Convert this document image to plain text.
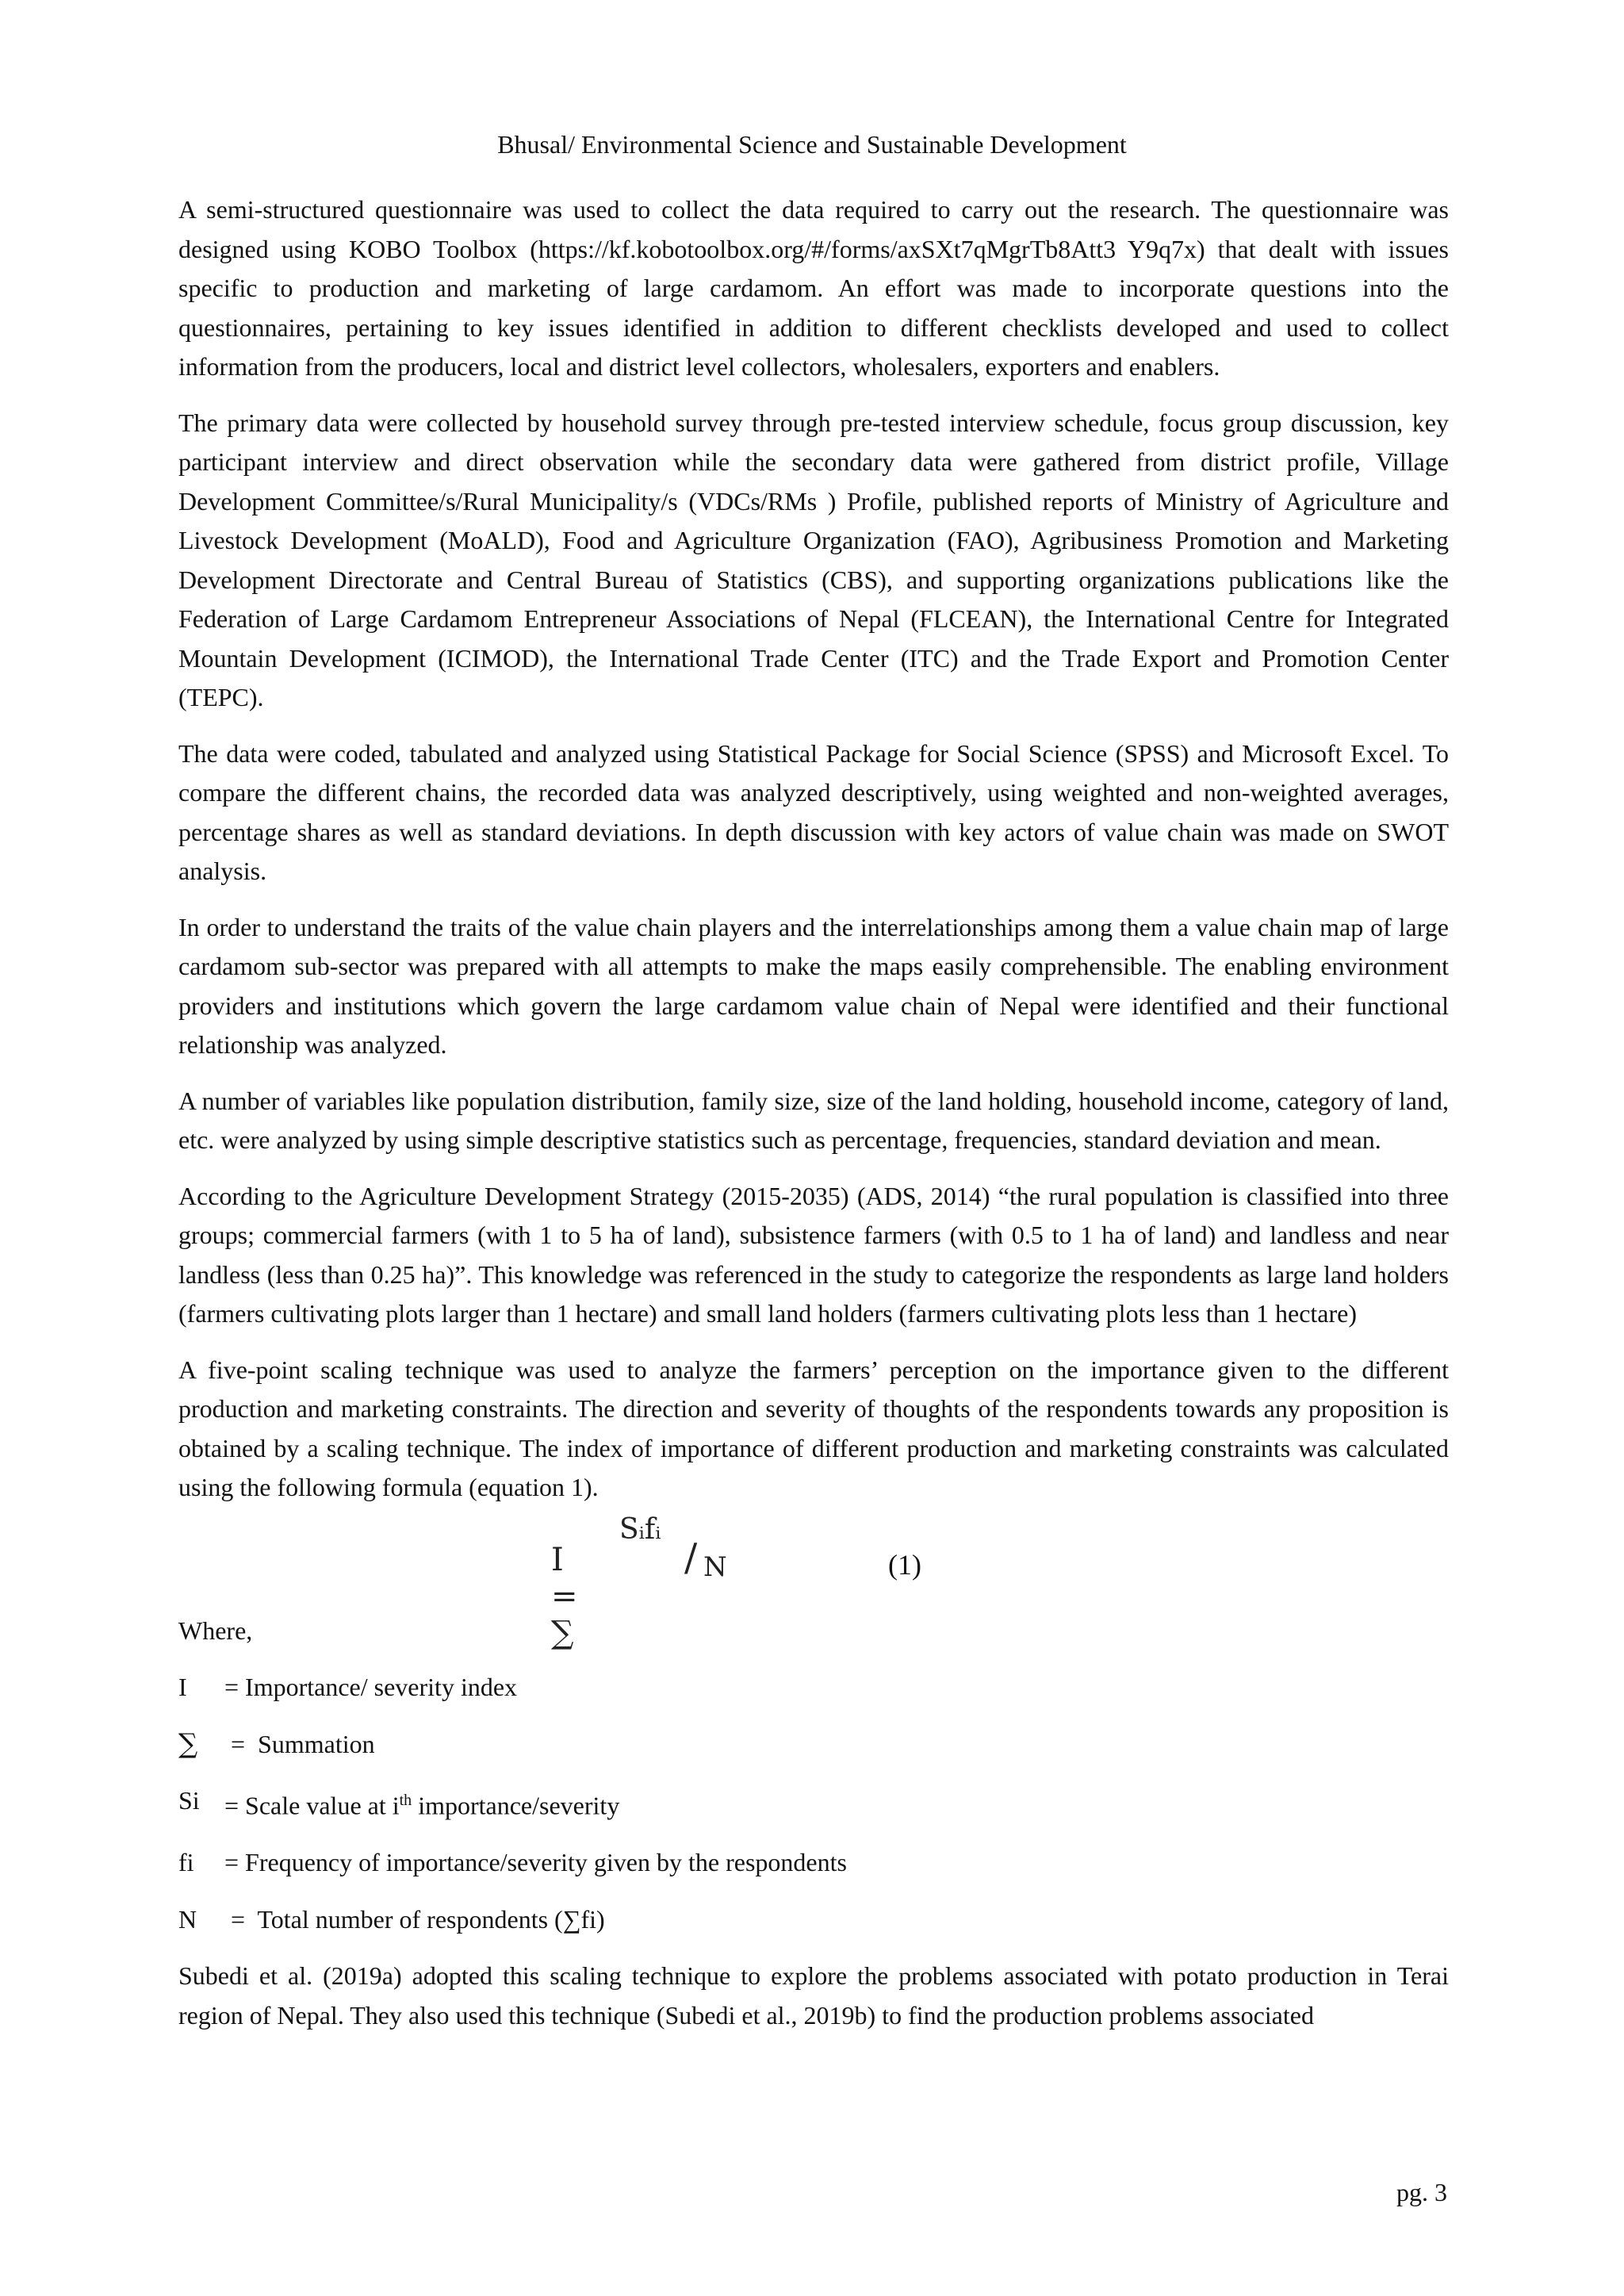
Bhusal/ Environmental Science and Sustainable Development

A semi-structured questionnaire was used to collect the data required to carry out the research. The questionnaire was designed using KOBO Toolbox (https://kf.kobotoolbox.org/#/forms/axSXt7qMgrTb8Att3 Y9q7x) that dealt with issues specific to production and marketing of large cardamom. An effort was made to incorporate questions into the questionnaires, pertaining to key issues identified in addition to different checklists developed and used to collect information from the producers, local and district level collectors, wholesalers, exporters and enablers.

The primary data were collected by household survey through pre-tested interview schedule, focus group discussion, key participant interview and direct observation while the secondary data were gathered from district profile, Village Development Committee/s/Rural Municipality/s (VDCs/RMs ) Profile, published reports of Ministry of Agriculture and Livestock Development (MoALD), Food and Agriculture Organization (FAO), Agribusiness Promotion and Marketing Development Directorate and Central Bureau of Statistics (CBS), and supporting organizations publications like the Federation of Large Cardamom Entrepreneur Associations of Nepal (FLCEAN), the International Centre for Integrated Mountain Development (ICIMOD), the International Trade Center (ITC) and the Trade Export and Promotion Center (TEPC).

The data were coded, tabulated and analyzed using Statistical Package for Social Science (SPSS) and Microsoft Excel. To compare the different chains, the recorded data was analyzed descriptively, using weighted and non-weighted averages, percentage shares as well as standard deviations. In depth discussion with key actors of value chain was made on SWOT analysis.

In order to understand the traits of the value chain players and the interrelationships among them a value chain map of large cardamom sub-sector was prepared with all attempts to make the maps easily comprehensible. The enabling environment providers and institutions which govern the large cardamom value chain of Nepal were identified and their functional relationship was analyzed.

A number of variables like population distribution, family size, size of the land holding, household income, category of land, etc. were analyzed by using simple descriptive statistics such as percentage, frequencies, standard deviation and mean.

According to the Agriculture Development Strategy (2015-2035) (ADS, 2014) “the rural population is classified into three groups; commercial farmers (with 1 to 5 ha of land), subsistence farmers (with 0.5 to 1 ha of land) and landless and near landless (less than 0.25 ha)”. This knowledge was referenced in the study to categorize the respondents as large land holders (farmers cultivating plots larger than 1 hectare) and small land holders (farmers cultivating plots less than 1 hectare)

A five-point scaling technique was used to analyze the farmers’ perception on the importance given to the different production and marketing constraints. The direction and severity of thoughts of the respondents towards any proposition is obtained by a scaling technique. The index of importance of different production and marketing constraints was calculated using the following formula (equation 1).

I = ∑
Sᵢfᵢ
/ N	(1)
Where,
I	= Importance/ severity index
∑	=  Summation
Si = Scale value at $i^{th}$ importance/severity
fi	= Frequency of importance/severity given by the respondents
N	=  Total number of respondents (∑fi)

Subedi et al. (2019a) adopted this scaling technique to explore the problems associated with potato production in Terai region of Nepal. They also used this technique (Subedi et al., 2019b) to find the production problems associated

pg. 3
